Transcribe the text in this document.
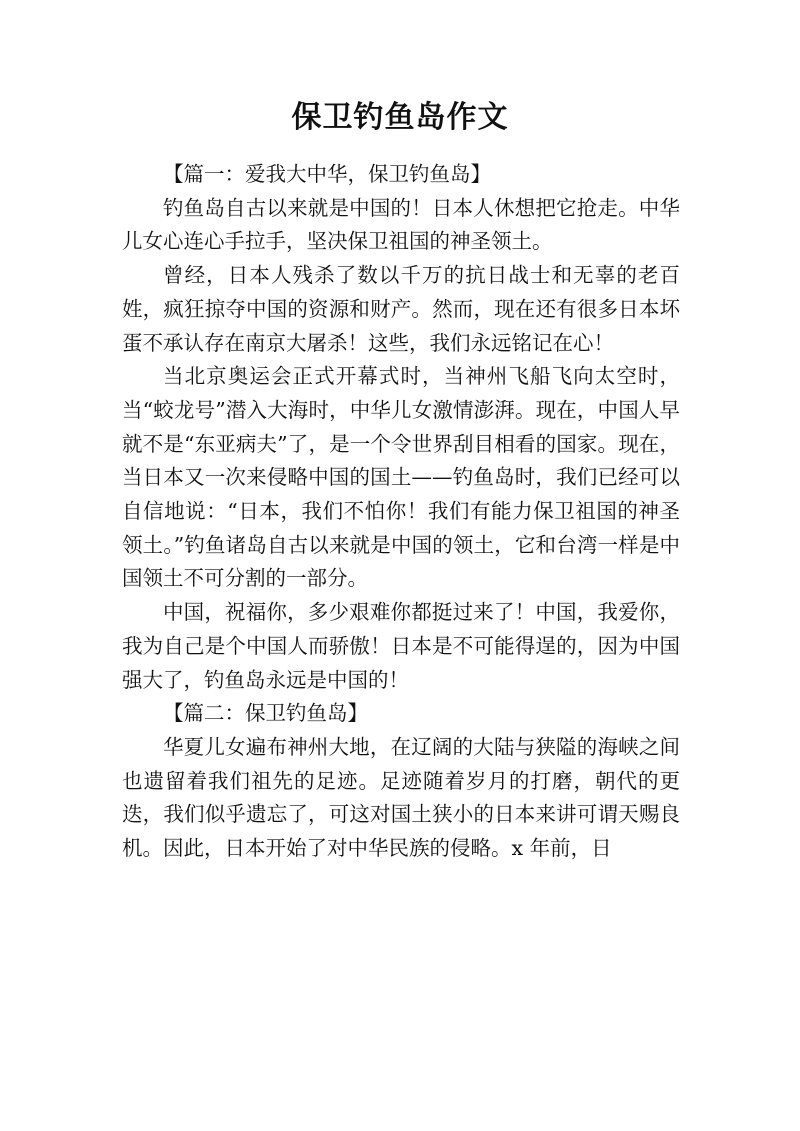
保卫钓鱼岛作文

【篇一：爱我大中华，保卫钓鱼岛】

钓鱼岛自古以来就是中国的！日本人休想把它抢走。中华儿女心连心手拉手，坚决保卫祖国的神圣领土。

曾经，日本人残杀了数以千万的抗日战士和无辜的老百姓，疯狂掠夺中国的资源和财产。然而，现在还有很多日本坏蛋不承认存在南京大屠杀！这些，我们永远铭记在心！

当北京奥运会正式开幕式时，当神州飞船飞向太空时，当“蛟龙号”潜入大海时，中华儿女激情澎湃。现在，中国人早就不是“东亚病夫”了，是一个令世界刮目相看的国家。现在，当日本又一次来侵略中国的国土——钓鱼岛时，我们已经可以自信地说：“日本，我们不怕你！我们有能力保卫祖国的神圣领土。”钓鱼诸岛自古以来就是中国的领土，它和台湾一样是中国领土不可分割的一部分。

中国，祝福你，多少艰难你都挺过来了！中国，我爱你，我为自己是个中国人而骄傲！日本是不可能得逞的，因为中国强大了，钓鱼岛永远是中国的！

【篇二：保卫钓鱼岛】

华夏儿女遍布神州大地，在辽阔的大陆与狭隘的海峡之间也遗留着我们祖先的足迹。足迹随着岁月的打磨，朝代的更迭，我们似乎遗忘了，可这对国土狭小的日本来讲可谓天赐良机。因此，日本开始了对中华民族的侵略。x 年前，日
